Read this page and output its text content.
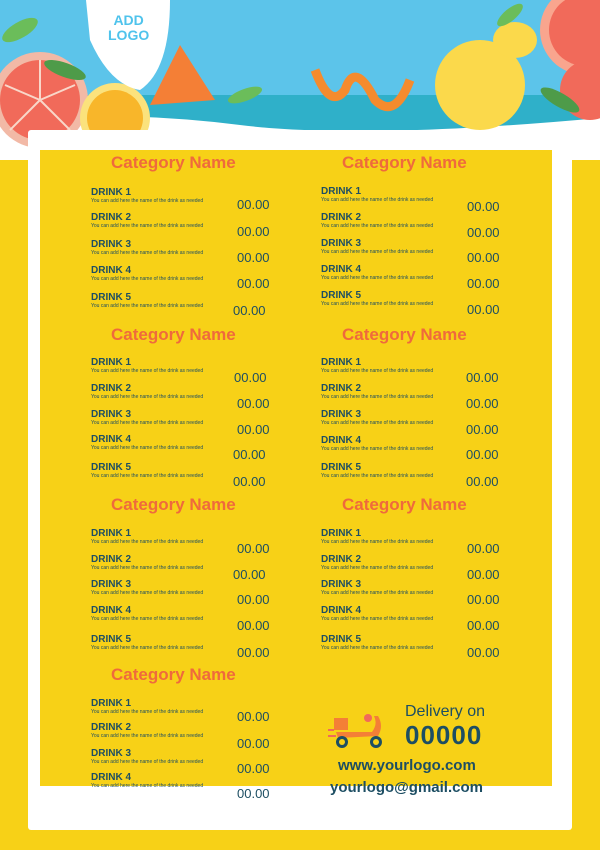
ADD
LOGO
Category Name
DRINK 1
You can add here the name of the drink as needed	00.00
DRINK 2
You can add here the name of the drink as needed	00.00
DRINK 3
You can add here the name of the drink as needed	00.00
DRINK 4
You can add here the name of the drink as needed	00.00
DRINK 5
You can add here the name of the drink as needed	00.00
Category Name
DRINK 1
You can add here the name of the drink as needed	00.00
DRINK 2
You can add here the name of the drink as needed	00.00
DRINK 3
You can add here the name of the drink as needed	00.00
DRINK 4
You can add here the name of the drink as needed	00.00
DRINK 5
You can add here the name of the drink as needed	00.00
Category Name
DRINK 1
You can add here the name of the drink as needed	00.00
DRINK 2
You can add here the name of the drink as needed	00.00
DRINK 3
You can add here the name of the drink as needed	00.00
DRINK 4
You can add here the name of the drink as needed	00.00
DRINK 5
You can add here the name of the drink as needed	00.00
Category Name
DRINK 1
You can add here the name of the drink as needed	00.00
DRINK 2
You can add here the name of the drink as needed	00.00
DRINK 3
You can add here the name of the drink as needed	00.00
DRINK 4
You can add here the name of the drink as needed	00.00
Category Name
DRINK 1
You can add here the name of the drink as needed	00.00
DRINK 2
You can add here the name of the drink as needed	00.00
DRINK 3
You can add here the name of the drink as needed	00.00
DRINK 4
You can add here the name of the drink as needed	00.00
DRINK 5
You can add here the name of the drink as needed	00.00
Category Name
DRINK 1
You can add here the name of the drink as needed	00.00
DRINK 2
You can add here the name of the drink as needed	00.00
DRINK 3
You can add here the name of the drink as needed	00.00
DRINK 4
You can add here the name of the drink as needed	00.00
DRINK 5
You can add here the name of the drink as needed	00.00
Category Name
DRINK 1
You can add here the name of the drink as needed	00.00
DRINK 2
You can add here the name of the drink as needed	00.00
DRINK 3
You can add here the name of the drink as needed	00.00
DRINK 4
You can add here the name of the drink as needed	00.00
DRINK 5
You can add here the name of the drink as needed	00.00
Delivery on
00000
www.yourlogo.com
yourlogo@gmail.com
